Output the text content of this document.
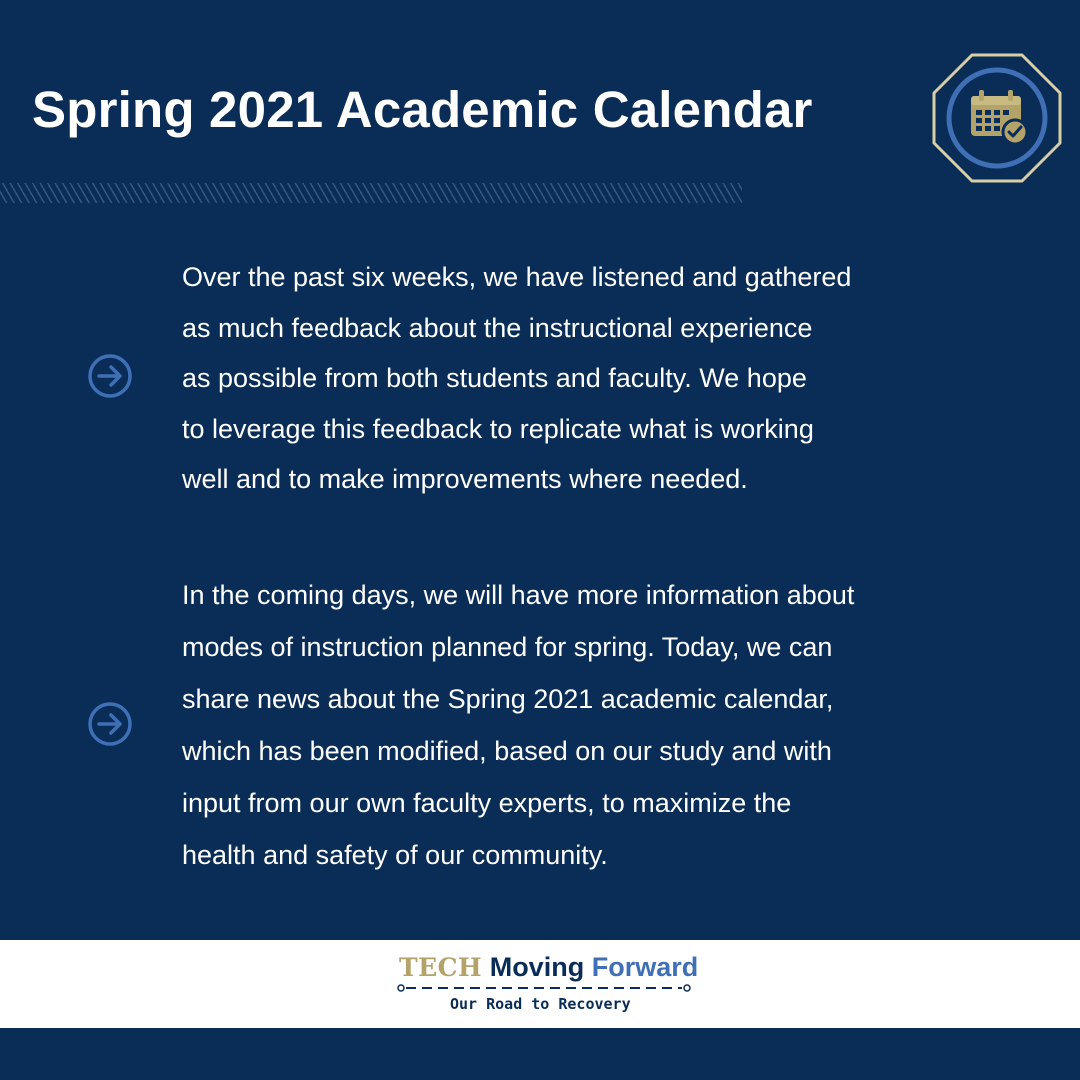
Spring 2021 Academic Calendar

Over the past six weeks, we have listened and gathered
as much feedback about the instructional experience
as possible from both students and faculty. We hope
to leverage this feedback to replicate what is working
well and to make improvements where needed.

In the coming days, we will have more information about
modes of instruction planned for spring. Today, we can
share news about the Spring 2021 academic calendar,
which has been modified, based on our study and with
input from our own faculty experts, to maximize the
health and safety of our community.

TECH Moving Forward
Our Road to Recovery
